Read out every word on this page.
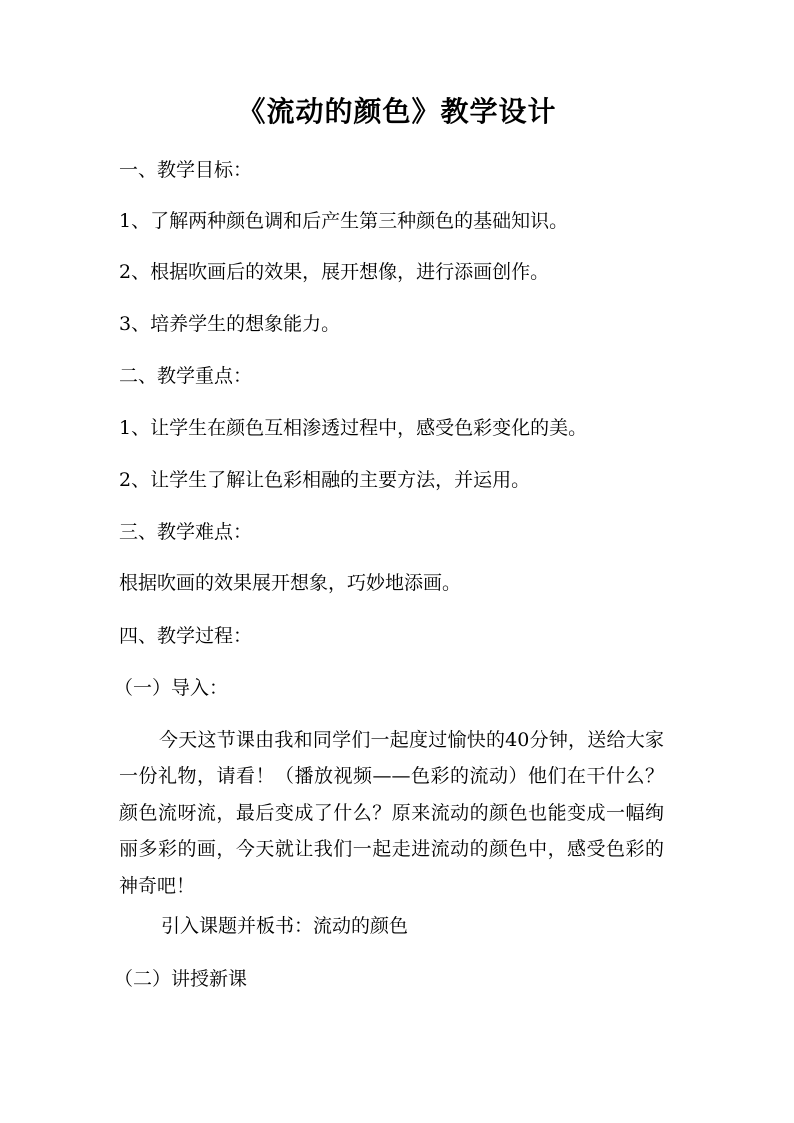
《流动的颜色》教学设计
一、教学目标：
1、了解两种颜色调和后产生第三种颜色的基础知识。
2、根据吹画后的效果，展开想像，进行添画创作。
3、培养学生的想象能力。
二、教学重点：
1、让学生在颜色互相渗透过程中，感受色彩变化的美。
2、让学生了解让色彩相融的主要方法，并运用。
三、教学难点：
根据吹画的效果展开想象，巧妙地添画。
四、教学过程：
（一）导入：

今天这节课由我和同学们一起度过愉快的40分钟，送给大家一份礼物，请看！（播放视频——色彩的流动）他们在干什么？颜色流呀流，最后变成了什么？原来流动的颜色也能变成一幅绚丽多彩的画，今天就让我们一起走进流动的颜色中，感受色彩的神奇吧！

引入课题并板书：流动的颜色
（二）讲授新课
